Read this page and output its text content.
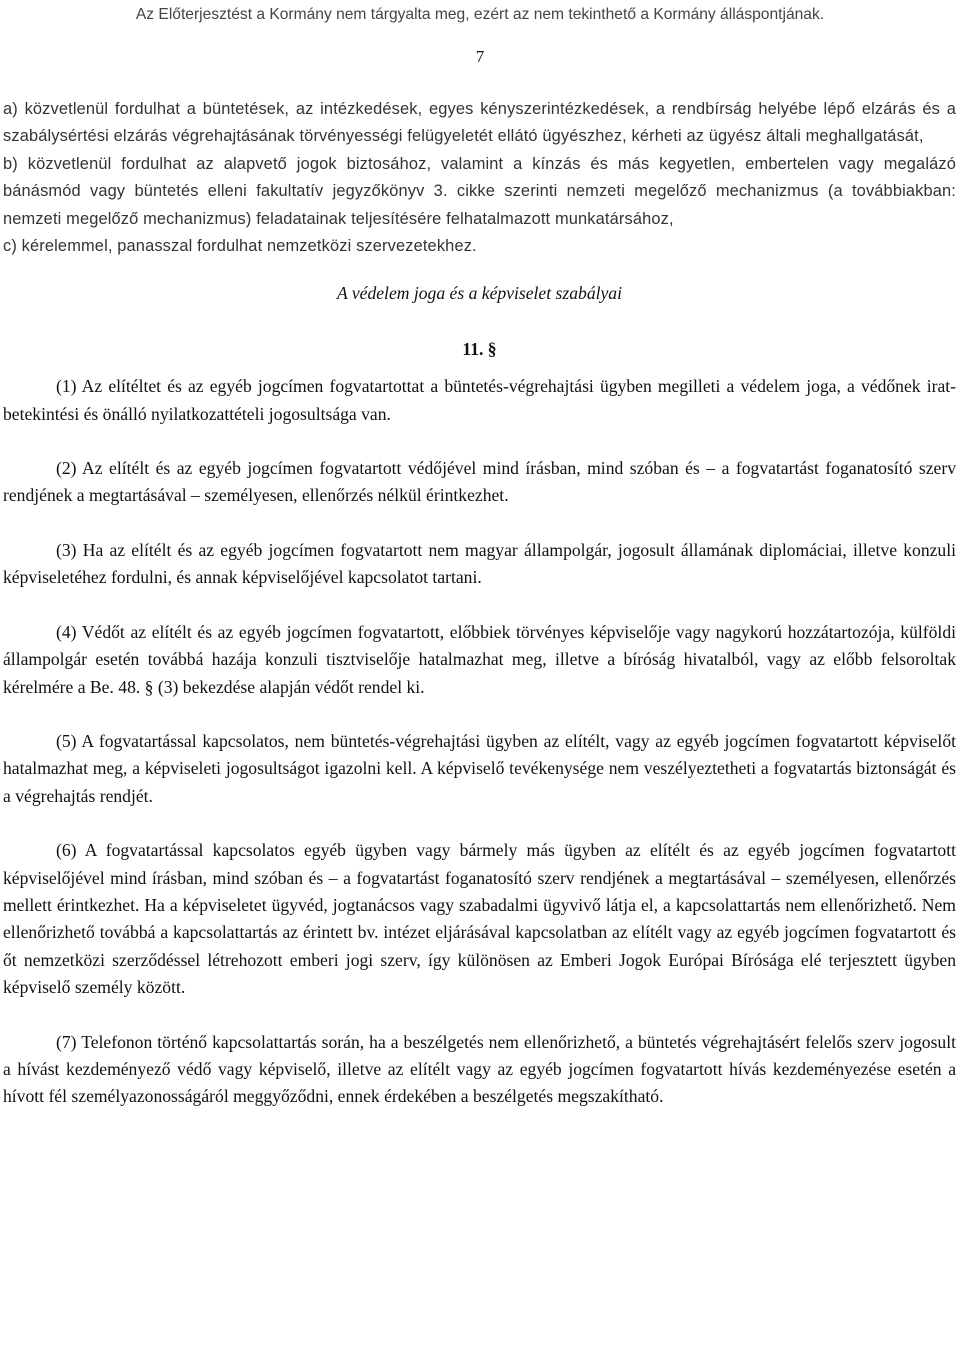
Az Előterjesztést a Kormány nem tárgyalta meg, ezért az nem tekinthető a Kormány álláspontjának.
7

a) közvetlenül fordulhat a büntetések, az intézkedések, egyes kényszerintézkedések, a rendbírság helyébe lépő elzárás és a szabálysértési elzárás végrehajtásának törvényességi felügyeletét ellátó ügyészhez, kérheti az ügyész általi meghallgatását,

b) közvetlenül fordulhat az alapvető jogok biztosához, valamint a kínzás és más kegyetlen, embertelen vagy megalázó bánásmód vagy büntetés elleni fakultatív jegyzőkönyv 3. cikke szerinti nemzeti megelőző mechanizmus (a továbbiakban: nemzeti megelőző mechanizmus) feladatainak teljesítésére felhatalmazott munkatársához,

c) kérelemmel, panasszal fordulhat nemzetközi szervezetekhez.

A védelem joga és a képviselet szabályai

11. §

(1) Az elítéltet és az egyéb jogcímen fogvatartottat a büntetés-végrehajtási ügyben megilleti a védelem joga, a védőnek irat-betekintési és önálló nyilatkozattételi jogosultsága van.

(2) Az elítélt és az egyéb jogcímen fogvatartott védőjével mind írásban, mind szóban és – a fogvatartást foganatosító szerv rendjének a megtartásával – személyesen, ellenőrzés nélkül érintkezhet.

(3) Ha az elítélt és az egyéb jogcímen fogvatartott nem magyar állampolgár, jogosult államának diplomáciai, illetve konzuli képviseletéhez fordulni, és annak képviselőjével kapcsolatot tartani.

(4) Védőt az elítélt és az egyéb jogcímen fogvatartott, előbbiek törvényes képviselője vagy nagykorú hozzátartozója, külföldi állampolgár esetén továbbá hazája konzuli tisztviselője hatalmazhat meg, illetve a bíróság hivatalból, vagy az előbb felsoroltak kérelmére a Be. 48. § (3) bekezdése alapján védőt rendel ki.

(5) A fogvatartással kapcsolatos, nem büntetés-végrehajtási ügyben az elítélt, vagy az egyéb jogcímen fogvatartott képviselőt hatalmazhat meg, a képviseleti jogosultságot igazolni kell. A képviselő tevékenysége nem veszélyeztetheti a fogvatartás biztonságát és a végrehajtás rendjét.

(6) A fogvatartással kapcsolatos egyéb ügyben vagy bármely más ügyben az elítélt és az egyéb jogcímen fogvatartott képviselőjével mind írásban, mind szóban és – a fogvatartást foganatosító szerv rendjének a megtartásával – személyesen, ellenőrzés mellett érintkezhet. Ha a képviseletet ügyvéd, jogtanácsos vagy szabadalmi ügyvivő látja el, a kapcsolattartás nem ellenőrizhető. Nem ellenőrizhető továbbá a kapcsolattartás az érintett bv. intézet eljárásával kapcsolatban az elítélt vagy az egyéb jogcímen fogvatartott és őt nemzetközi szerződéssel létrehozott emberi jogi szerv, így különösen az Emberi Jogok Európai Bírósága elé terjesztett ügyben képviselő személy között.

(7) Telefonon történő kapcsolattartás során, ha a beszélgetés nem ellenőrizhető, a büntetés végrehajtásért felelős szerv jogosult a hívást kezdeményező védő vagy képviselő, illetve az elítélt vagy az egyéb jogcímen fogvatartott hívás kezdeményezése esetén a hívott fél személyazonosságáról meggyőződni, ennek érdekében a beszélgetés megszakítható.
